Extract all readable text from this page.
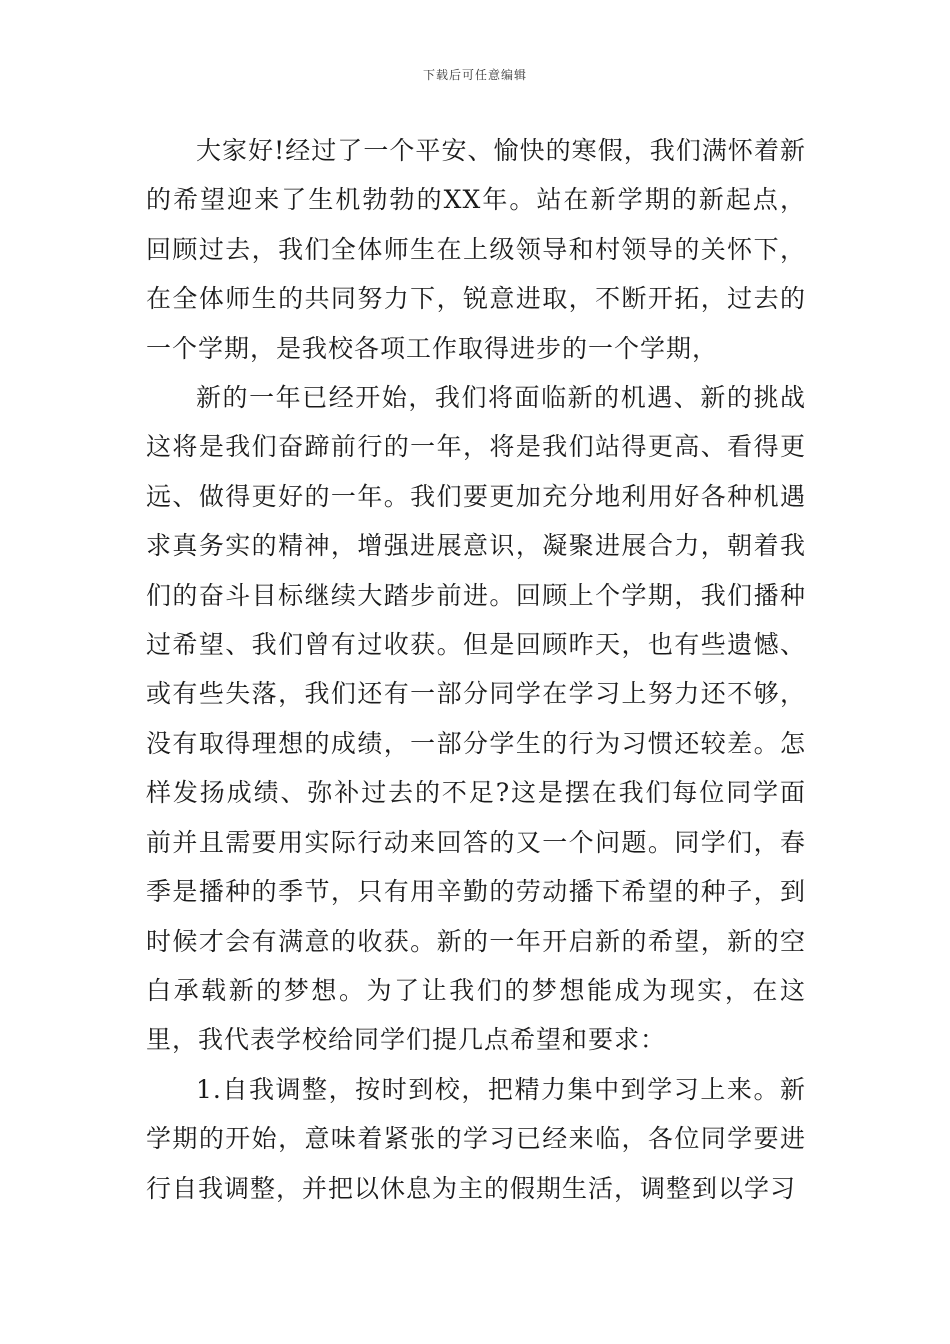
下载后可任意编辑

大家好!经过了一个平安、愉快的寒假，我们满怀着新的希望迎来了生机勃勃的XX年。站在新学期的新起点，回顾过去，我们全体师生在上级领导和村领导的关怀下，在全体师生的共同努力下，锐意进取，不断开拓，过去的一个学期，是我校各项工作取得进步的一个学期，

新的一年已经开始，我们将面临新的机遇、新的挑战这将是我们奋蹄前行的一年，将是我们站得更高、看得更远、做得更好的一年。我们要更加充分地利用好各种机遇求真务实的精神，增强进展意识，凝聚进展合力，朝着我们的奋斗目标继续大踏步前进。回顾上个学期，我们播种过希望、我们曾有过收获。但是回顾昨天，也有些遗憾、或有些失落，我们还有一部分同学在学习上努力还不够，没有取得理想的成绩，一部分学生的行为习惯还较差。怎样发扬成绩、弥补过去的不足?这是摆在我们每位同学面前并且需要用实际行动来回答的又一个问题。同学们，春季是播种的季节，只有用辛勤的劳动播下希望的种子，到时候才会有满意的收获。新的一年开启新的希望，新的空白承载新的梦想。为了让我们的梦想能成为现实，在这里，我代表学校给同学们提几点希望和要求：

1.自我调整，按时到校，把精力集中到学习上来。新学期的开始，意味着紧张的学习已经来临，各位同学要进行自我调整，并把以休息为主的假期生活，调整到以学习
